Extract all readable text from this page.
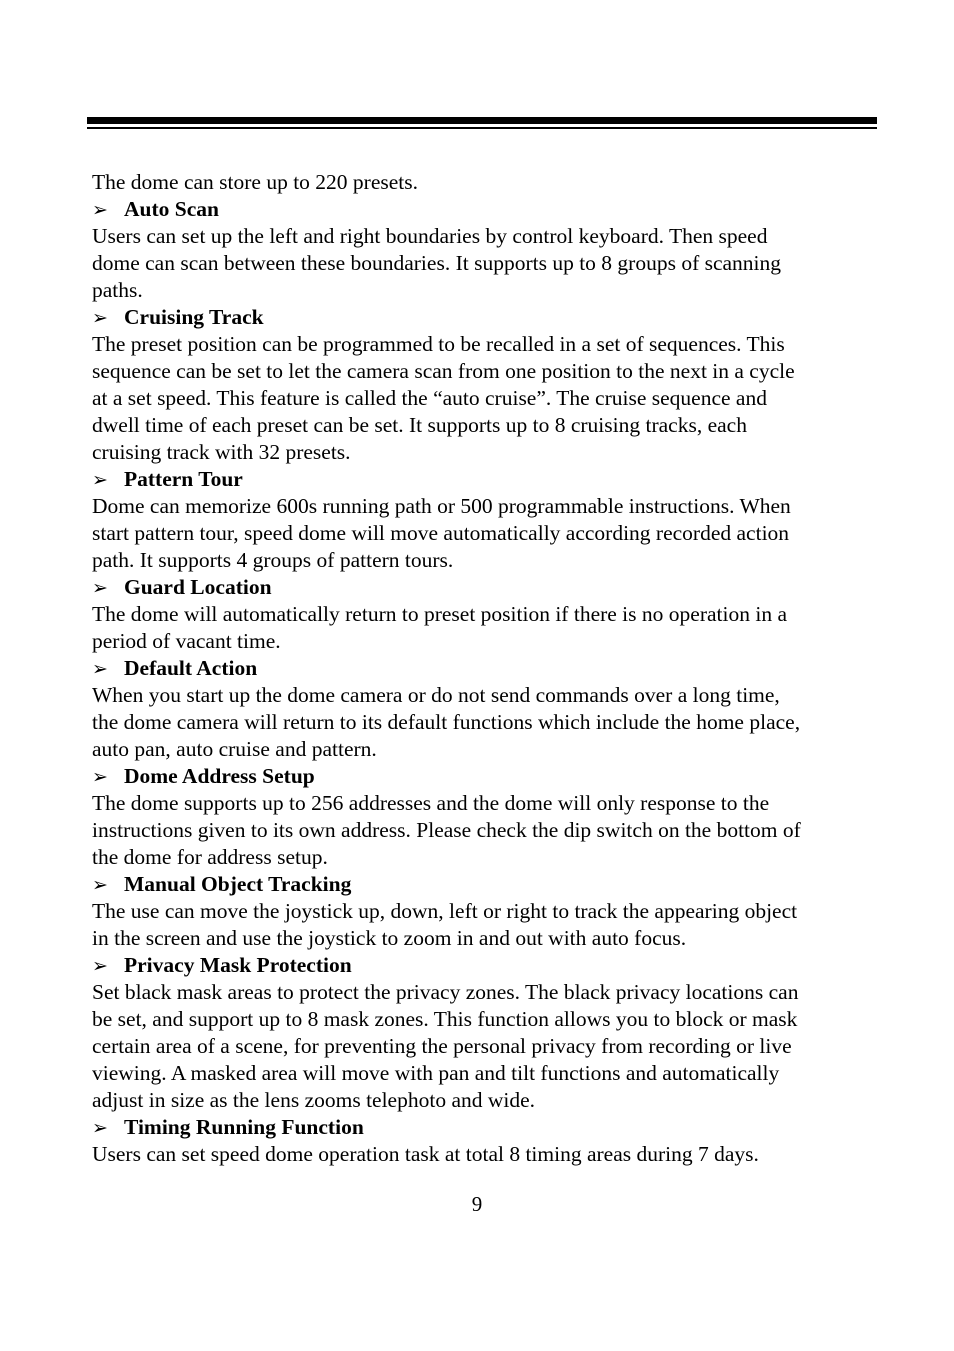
The dome can store up to 220 presets.
➢ Auto Scan
Users can set up the left and right boundaries by control keyboard. Then speed
dome can scan between these boundaries. It supports up to 8 groups of scanning
paths.
➢ Cruising Track
The preset position can be programmed to be recalled in a set of sequences. This
sequence can be set to let the camera scan from one position to the next in a cycle
at a set speed. This feature is called the “auto cruise”. The cruise sequence and
dwell time of each preset can be set. It supports up to 8 cruising tracks, each
cruising track with 32 presets.
➢ Pattern Tour
Dome can memorize 600s running path or 500 programmable instructions. When
start pattern tour, speed dome will move automatically according recorded action
path. It supports 4 groups of pattern tours.
➢ Guard Location
The dome will automatically return to preset position if there is no operation in a
period of vacant time.
➢ Default Action
When you start up the dome camera or do not send commands over a long time,
the dome camera will return to its default functions which include the home place,
auto pan, auto cruise and pattern.
➢ Dome Address Setup
The dome supports up to 256 addresses and the dome will only response to the
instructions given to its own address. Please check the dip switch on the bottom of
the dome for address setup.
➢ Manual Object Tracking
The use can move the joystick up, down, left or right to track the appearing object
in the screen and use the joystick to zoom in and out with auto focus.
➢ Privacy Mask Protection
Set black mask areas to protect the privacy zones. The black privacy locations can
be set, and support up to 8 mask zones. This function allows you to block or mask
certain area of a scene, for preventing the personal privacy from recording or live
viewing. A masked area will move with pan and tilt functions and automatically
adjust in size as the lens zooms telephoto and wide.
➢ Timing Running Function
Users can set speed dome operation task at total 8 timing areas during 7 days.
9
